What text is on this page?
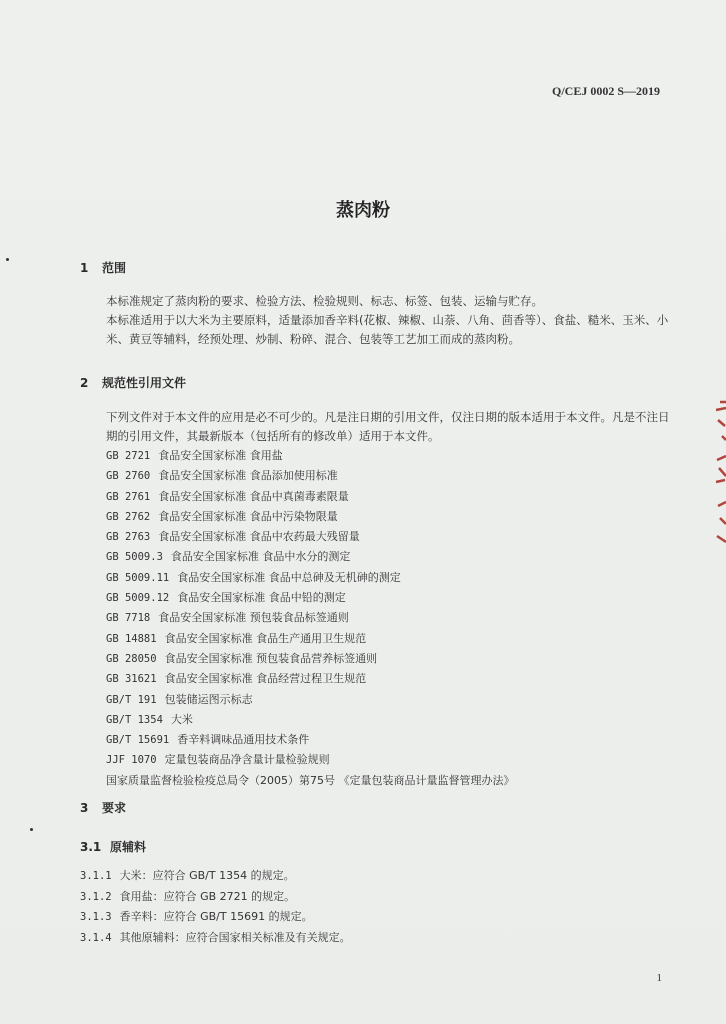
Q/CEJ 0002 S—2019
蒸肉粉
1 范围
本标准规定了蒸肉粉的要求、检验方法、检验规则、标志、标签、包装、运输与贮存。
本标准适用于以大米为主要原料，适量添加香辛料(花椒、辣椒、山萘、八角、茴香等）、食盐、糙米、玉米、小米、黄豆等辅料，经预处理、炒制、粉碎、混合、包装等工艺加工而成的蒸肉粉。
2 规范性引用文件
下列文件对于本文件的应用是必不可少的。凡是注日期的引用文件，仅注日期的版本适用于本文件。凡是不注日期的引用文件，其最新版本（包括所有的修改单）适用于本文件。
GB 2721 食品安全国家标准 食用盐
GB 2760 食品安全国家标准 食品添加使用标准
GB 2761 食品安全国家标准 食品中真菌毒素限量
GB 2762 食品安全国家标准 食品中污染物限量
GB 2763 食品安全国家标准 食品中农药最大残留量
GB 5009.3 食品安全国家标准 食品中水分的测定
GB 5009.11 食品安全国家标准 食品中总砷及无机砷的测定
GB 5009.12 食品安全国家标准 食品中铅的测定
GB 7718 食品安全国家标准 预包装食品标签通则
GB 14881 食品安全国家标准 食品生产通用卫生规范
GB 28050 食品安全国家标准 预包装食品营养标签通则
GB 31621 食品安全国家标准 食品经营过程卫生规范
GB/T 191 包装储运图示标志
GB/T 1354 大米
GB/T 15691 香辛料调味品通用技术条件
JJF 1070 定量包装商品净含量计量检验规则
国家质量监督检验检疫总局令（2005）第75号 《定量包装商品计量监督管理办法》
3 要求
3.1 原辅料
3.1.1 大米：应符合 GB/T 1354 的规定。
3.1.2 食用盐：应符合 GB 2721 的规定。
3.1.3 香辛料：应符合 GB/T 15691 的规定。
3.1.4 其他原辅料：应符合国家相关标准及有关规定。
1
